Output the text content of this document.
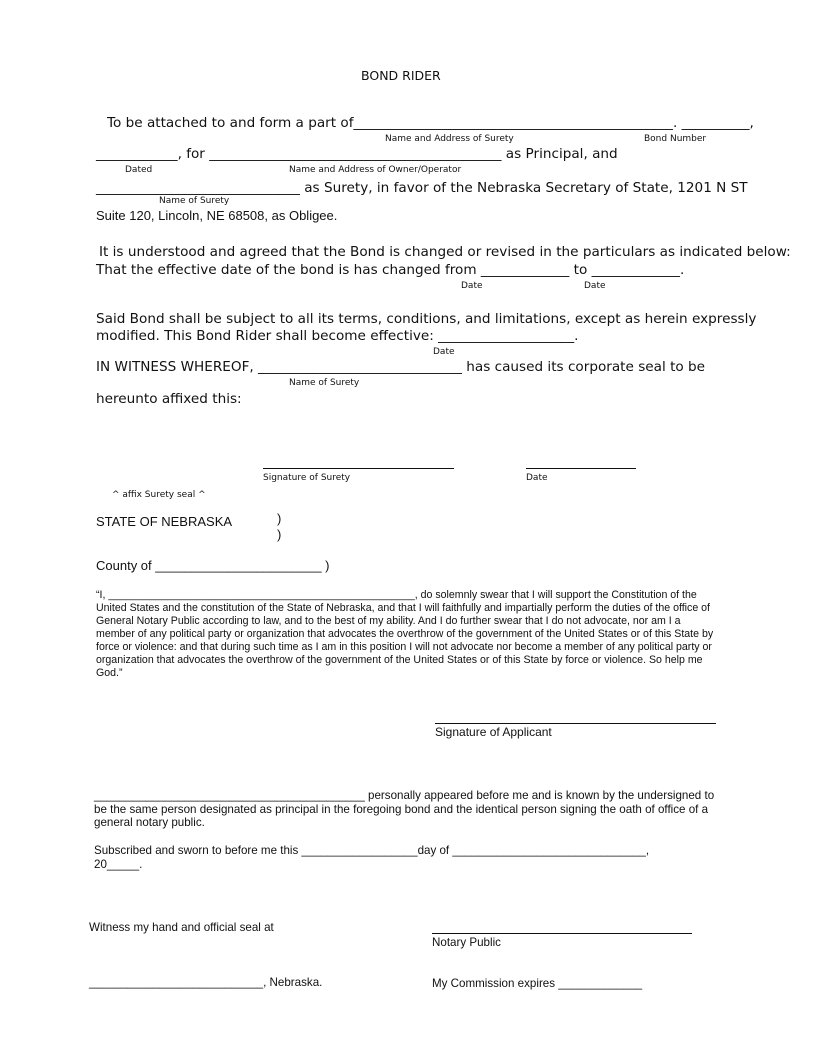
BOND RIDER
To be attached to and form a part of_______________________________________________. __________,
Name and Address of Surety	Bond Number
____________, for ___________________________________________ as Principal, and
Dated	Name and Address of Owner/Operator
______________________________ as Surety, in favor of the Nebraska Secretary of State, 1201 N ST
Name of Surety
Suite 120, Lincoln, NE 68508, as Obligee.
It is understood and agreed that the Bond is changed or revised in the particulars as indicated below:
That the effective date of the bond is has changed from _____________ to _____________.
Date	Date
Said Bond shall be subject to all its terms, conditions, and limitations, except as herein expressly
modified. This Bond Rider shall become effective: ____________________.
Date
IN WITNESS WHEREOF, ______________________________ has caused its corporate seal to be
Name of Surety
hereunto affixed this:
Signature of Surety	Date
^ affix Surety seal ^
STATE OF NEBRASKA	)
)
County of _______________________ )
“I, ____________________________________________________, do solemnly swear that I will support the Constitution of the United States and the constitution of the State of Nebraska, and that I will faithfully and impartially perform the duties of the office of General Notary Public according to law, and to the best of my ability. And I do further swear that I do not advocate, nor am I a member of any political party or organization that advocates the overthrow of the government of the United States or of this State by force or violence: and that during such time as I am in this position I will not advocate nor become a member of any political party or organization that advocates the overthrow of the government of the United States or of this State by force or violence. So help me God.”
Signature of Applicant
__________________________________________ personally appeared before me and is known by the undersigned to be the same person designated as principal in the foregoing bond and the identical person signing the oath of office of a general notary public.
Subscribed and sworn to before me this __________________day of ______________________________,
20_____.
Witness my hand and official seal at
Notary Public
___________________________, Nebraska.	My Commission expires _____________
